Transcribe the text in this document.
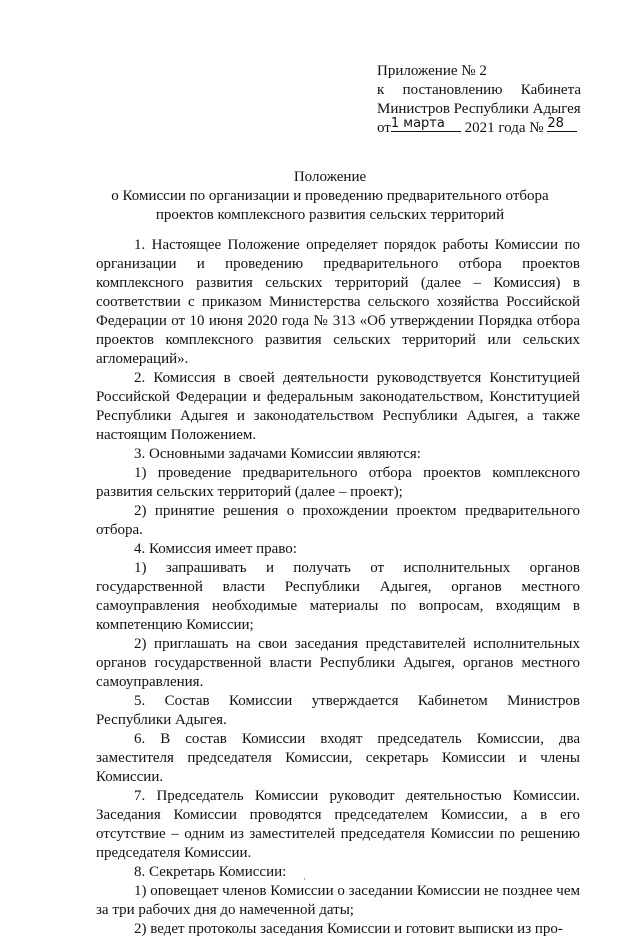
Приложение № 2
к постановлению Кабинета
Министров Республики Адыгея
от1 марта 2021 года № 28
Положение
о Комиссии по организации и проведению предварительного отбора
проектов комплексного развития сельских территорий

1. Настоящее Положение определяет порядок работы Комиссии по организации и проведению предварительного отбора проектов комплексного развития сельских территорий (далее – Комиссия) в соответствии с приказом Министерства сельского хозяйства Российской Федерации от 10 июня 2020 года № 313 «Об утверждении Порядка отбора проектов комплексного развития сельских территорий или сельских агломераций».

2. Комиссия в своей деятельности руководствуется Конституцией Российской Федерации и федеральным законодательством, Конституцией Республики Адыгея и законодательством Республики Адыгея, а также настоящим Положением.

3. Основными задачами Комиссии являются:

1) проведение предварительного отбора проектов комплексного развития сельских территорий (далее – проект);

2) принятие решения о прохождении проектом предварительного отбора.

4. Комиссия имеет право:

1) запрашивать и получать от исполнительных органов государственной власти Республики Адыгея, органов местного самоуправления необходимые материалы по вопросам, входящим в компетенцию Комиссии;

2) приглашать на свои заседания представителей исполнительных органов государственной власти Республики Адыгея, органов местного самоуправления.

5. Состав Комиссии утверждается Кабинетом Министров Республики Адыгея.

6. В состав Комиссии входят председатель Комиссии, два заместителя председателя Комиссии, секретарь Комиссии и члены Комиссии.

7. Председатель Комиссии руководит деятельностью Комиссии. Заседания Комиссии проводятся председателем Комиссии, а в его отсутствие – одним из заместителей председателя Комиссии по решению председателя Комиссии.

8. Секретарь Комиссии:

1) оповещает членов Комиссии о заседании Комиссии не позднее чем за три рабочих дня до намеченной даты;

2) ведет протоколы заседания Комиссии и готовит выписки из про-

·
